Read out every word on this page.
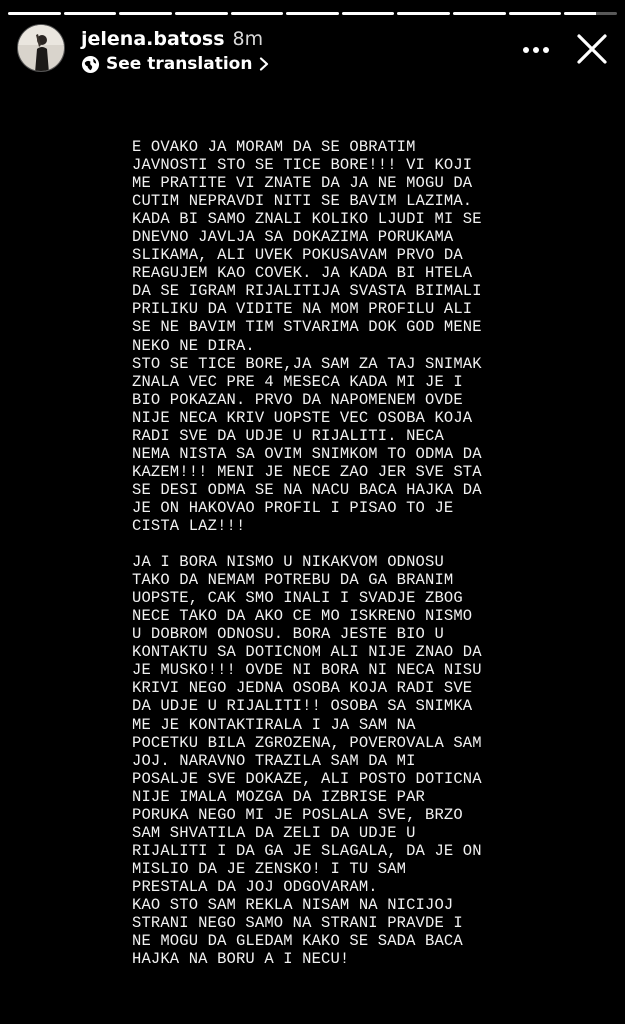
jelena.batoss 8m
See translation
E OVAKO JA MORAM DA SE OBRATIM
JAVNOSTI STO SE TICE BORE!!! VI KOJI
ME PRATITE VI ZNATE DA JA NE MOGU DA
CUTIM NEPRAVDI NITI SE BAVIM LAZIMA.
KADA BI SAMO ZNALI KOLIKO LJUDI MI SE
DNEVNO JAVLJA SA DOKAZIMA PORUKAMA
SLIKAMA, ALI UVEK POKUSAVAM PRVO DA
REAGUJEM KAO COVEK. JA KADA BI HTELA
DA SE IGRAM RIJALITIJA SVASTA BIIMALI
PRILIKU DA VIDITE NA MOM PROFILU ALI
SE NE BAVIM TIM STVARIMA DOK GOD MENE
NEKO NE DIRA.
STO SE TICE BORE,JA SAM ZA TAJ SNIMAK
ZNALA VEC PRE 4 MESECA KADA MI JE I
BIO POKAZAN. PRVO DA NAPOMENEM OVDE
NIJE NECA KRIV UOPSTE VEC OSOBA KOJA
RADI SVE DA UDJE U RIJALITI. NECA
NEMA NISTA SA OVIM SNIMKOM TO ODMA DA
KAZEM!!! MENI JE NECE ZAO JER SVE STA
SE DESI ODMA SE NA NACU BACA HAJKA DA
JE ON HAKOVAO PROFIL I PISAO TO JE
CISTA LAZ!!!

JA I BORA NISMO U NIKAKVOM ODNOSU
TAKO DA NEMAM POTREBU DA GA BRANIM
UOPSTE, CAK SMO INALI I SVADJE ZBOG
NECE TAKO DA AKO CE MO ISKRENO NISMO
U DOBROM ODNOSU. BORA JESTE BIO U
KONTAKTU SA DOTICNOM ALI NIJE ZNAO DA
JE MUSKO!!! OVDE NI BORA NI NECA NISU
KRIVI NEGO JEDNA OSOBA KOJA RADI SVE
DA UDJE U RIJALITI!! OSOBA SA SNIMKA
ME JE KONTAKTIRALA I JA SAM NA
POCETKU BILA ZGROZENA, POVEROVALA SAM
JOJ. NARAVNO TRAZILA SAM DA MI
POSALJE SVE DOKAZE, ALI POSTO DOTICNA
NIJE IMALA MOZGA DA IZBRISE PAR
PORUKA NEGO MI JE POSLALA SVE, BRZO
SAM SHVATILA DA ZELI DA UDJE U
RIJALITI I DA GA JE SLAGALA, DA JE ON
MISLIO DA JE ZENSKO! I TU SAM
PRESTALA DA JOJ ODGOVARAM.
KAO STO SAM REKLA NISAM NA NICIJOJ
STRANI NEGO SAMO NA STRANI PRAVDE I
NE MOGU DA GLEDAM KAKO SE SADA BACA
HAJKA NA BORU A I NECU!
